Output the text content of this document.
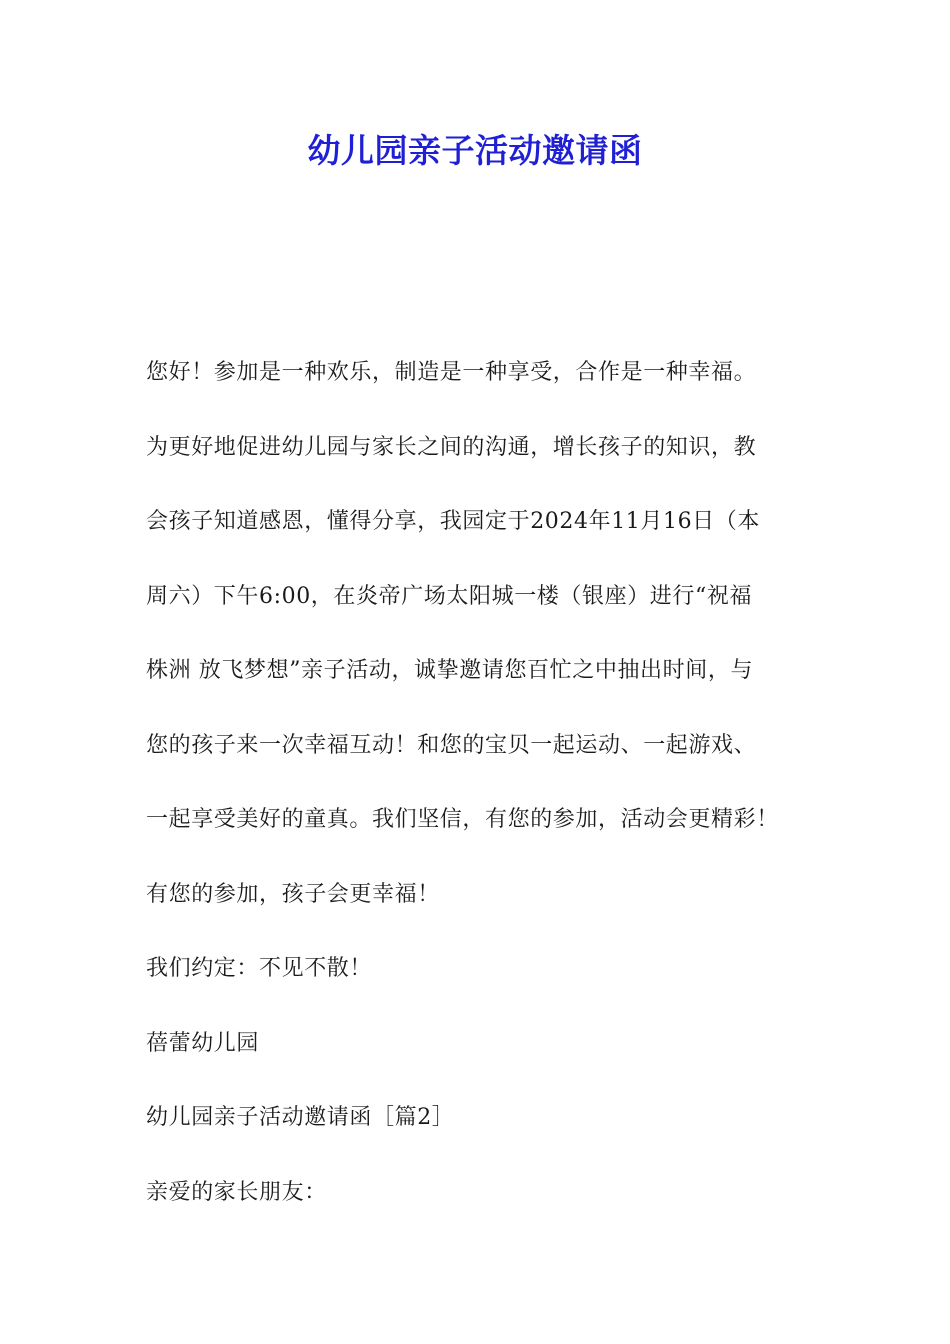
幼儿园亲子活动邀请函
您好！参加是一种欢乐，制造是一种享受，合作是一种幸福。
为更好地促进幼儿园与家长之间的沟通，增长孩子的知识，教
会孩子知道感恩，懂得分享，我园定于2024年11月16日（本
周六）下午6:00，在炎帝广场太阳城一楼（银座）进行“祝福
株洲 放飞梦想”亲子活动，诚挚邀请您百忙之中抽出时间，与
您的孩子来一次幸福互动！和您的宝贝一起运动、一起游戏、
一起享受美好的童真。我们坚信，有您的参加，活动会更精彩！
有您的参加，孩子会更幸福！
我们约定：不见不散！
蓓蕾幼儿园
幼儿园亲子活动邀请函［篇2］
亲爱的家长朋友：
